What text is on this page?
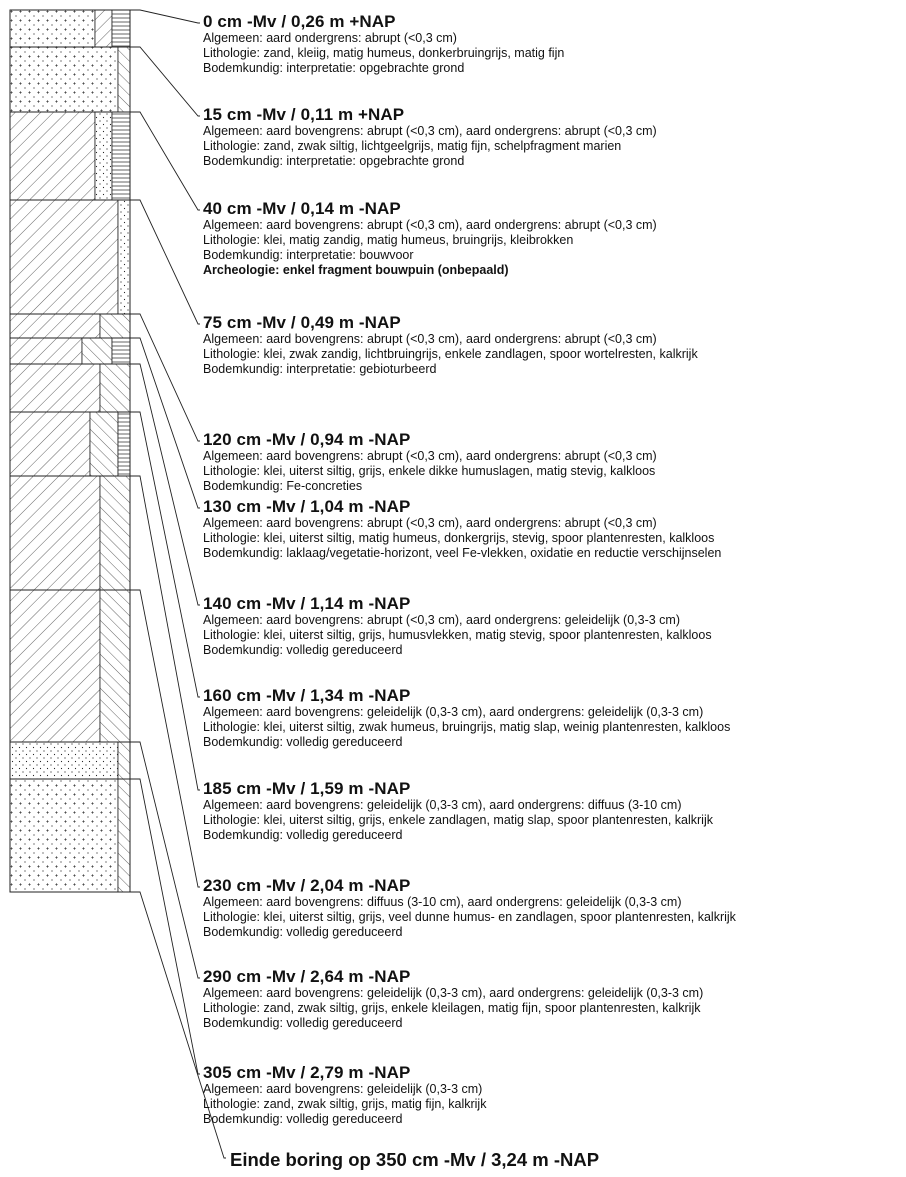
0 cm -Mv / 0,26 m +NAP
Algemeen: aard ondergrens: abrupt (<0,3 cm)
Lithologie: zand, kleiig, matig humeus, donkerbruingrijs, matig fijn
Bodemkundig: interpretatie: opgebrachte grond
15 cm -Mv / 0,11 m +NAP
Algemeen: aard bovengrens: abrupt (<0,3 cm), aard ondergrens: abrupt (<0,3 cm)
Lithologie: zand, zwak siltig, lichtgeelgrijs, matig fijn, schelpfragment marien
Bodemkundig: interpretatie: opgebrachte grond
40 cm -Mv / 0,14 m -NAP
Algemeen: aard bovengrens: abrupt (<0,3 cm), aard ondergrens: abrupt (<0,3 cm)
Lithologie: klei, matig zandig, matig humeus, bruingrijs, kleibrokken
Bodemkundig: interpretatie: bouwvoor
Archeologie: enkel fragment bouwpuin (onbepaald)
75 cm -Mv / 0,49 m -NAP
Algemeen: aard bovengrens: abrupt (<0,3 cm), aard ondergrens: abrupt (<0,3 cm)
Lithologie: klei, zwak zandig, lichtbruingrijs, enkele zandlagen, spoor wortelresten, kalkrijk
Bodemkundig: interpretatie: gebioturbeerd
120 cm -Mv / 0,94 m -NAP
Algemeen: aard bovengrens: abrupt (<0,3 cm), aard ondergrens: abrupt (<0,3 cm)
Lithologie: klei, uiterst siltig, grijs, enkele dikke humuslagen, matig stevig, kalkloos
Bodemkundig: Fe-concreties
130 cm -Mv / 1,04 m -NAP
Algemeen: aard bovengrens: abrupt (<0,3 cm), aard ondergrens: abrupt (<0,3 cm)
Lithologie: klei, uiterst siltig, matig humeus, donkergrijs, stevig, spoor plantenresten, kalkloos
Bodemkundig: laklaag/vegetatie-horizont, veel Fe-vlekken, oxidatie en reductie verschijnselen
140 cm -Mv / 1,14 m -NAP
Algemeen: aard bovengrens: abrupt (<0,3 cm), aard ondergrens: geleidelijk (0,3-3 cm)
Lithologie: klei, uiterst siltig, grijs, humusvlekken, matig stevig, spoor plantenresten, kalkloos
Bodemkundig: volledig gereduceerd
160 cm -Mv / 1,34 m -NAP
Algemeen: aard bovengrens: geleidelijk (0,3-3 cm), aard ondergrens: geleidelijk (0,3-3 cm)
Lithologie: klei, uiterst siltig, zwak humeus, bruingrijs, matig slap, weinig plantenresten, kalkloos
Bodemkundig: volledig gereduceerd
185 cm -Mv / 1,59 m -NAP
Algemeen: aard bovengrens: geleidelijk (0,3-3 cm), aard ondergrens: diffuus (3-10 cm)
Lithologie: klei, uiterst siltig, grijs, enkele zandlagen, matig slap, spoor plantenresten, kalkrijk
Bodemkundig: volledig gereduceerd
230 cm -Mv / 2,04 m -NAP
Algemeen: aard bovengrens: diffuus (3-10 cm), aard ondergrens: geleidelijk (0,3-3 cm)
Lithologie: klei, uiterst siltig, grijs, veel dunne humus- en zandlagen, spoor plantenresten, kalkrijk
Bodemkundig: volledig gereduceerd
290 cm -Mv / 2,64 m -NAP
Algemeen: aard bovengrens: geleidelijk (0,3-3 cm), aard ondergrens: geleidelijk (0,3-3 cm)
Lithologie: zand, zwak siltig, grijs, enkele kleilagen, matig fijn, spoor plantenresten, kalkrijk
Bodemkundig: volledig gereduceerd
305 cm -Mv / 2,79 m -NAP
Algemeen: aard bovengrens: geleidelijk (0,3-3 cm)
Lithologie: zand, zwak siltig, grijs, matig fijn, kalkrijk
Bodemkundig: volledig gereduceerd
Einde boring op 350 cm -Mv / 3,24 m -NAP
